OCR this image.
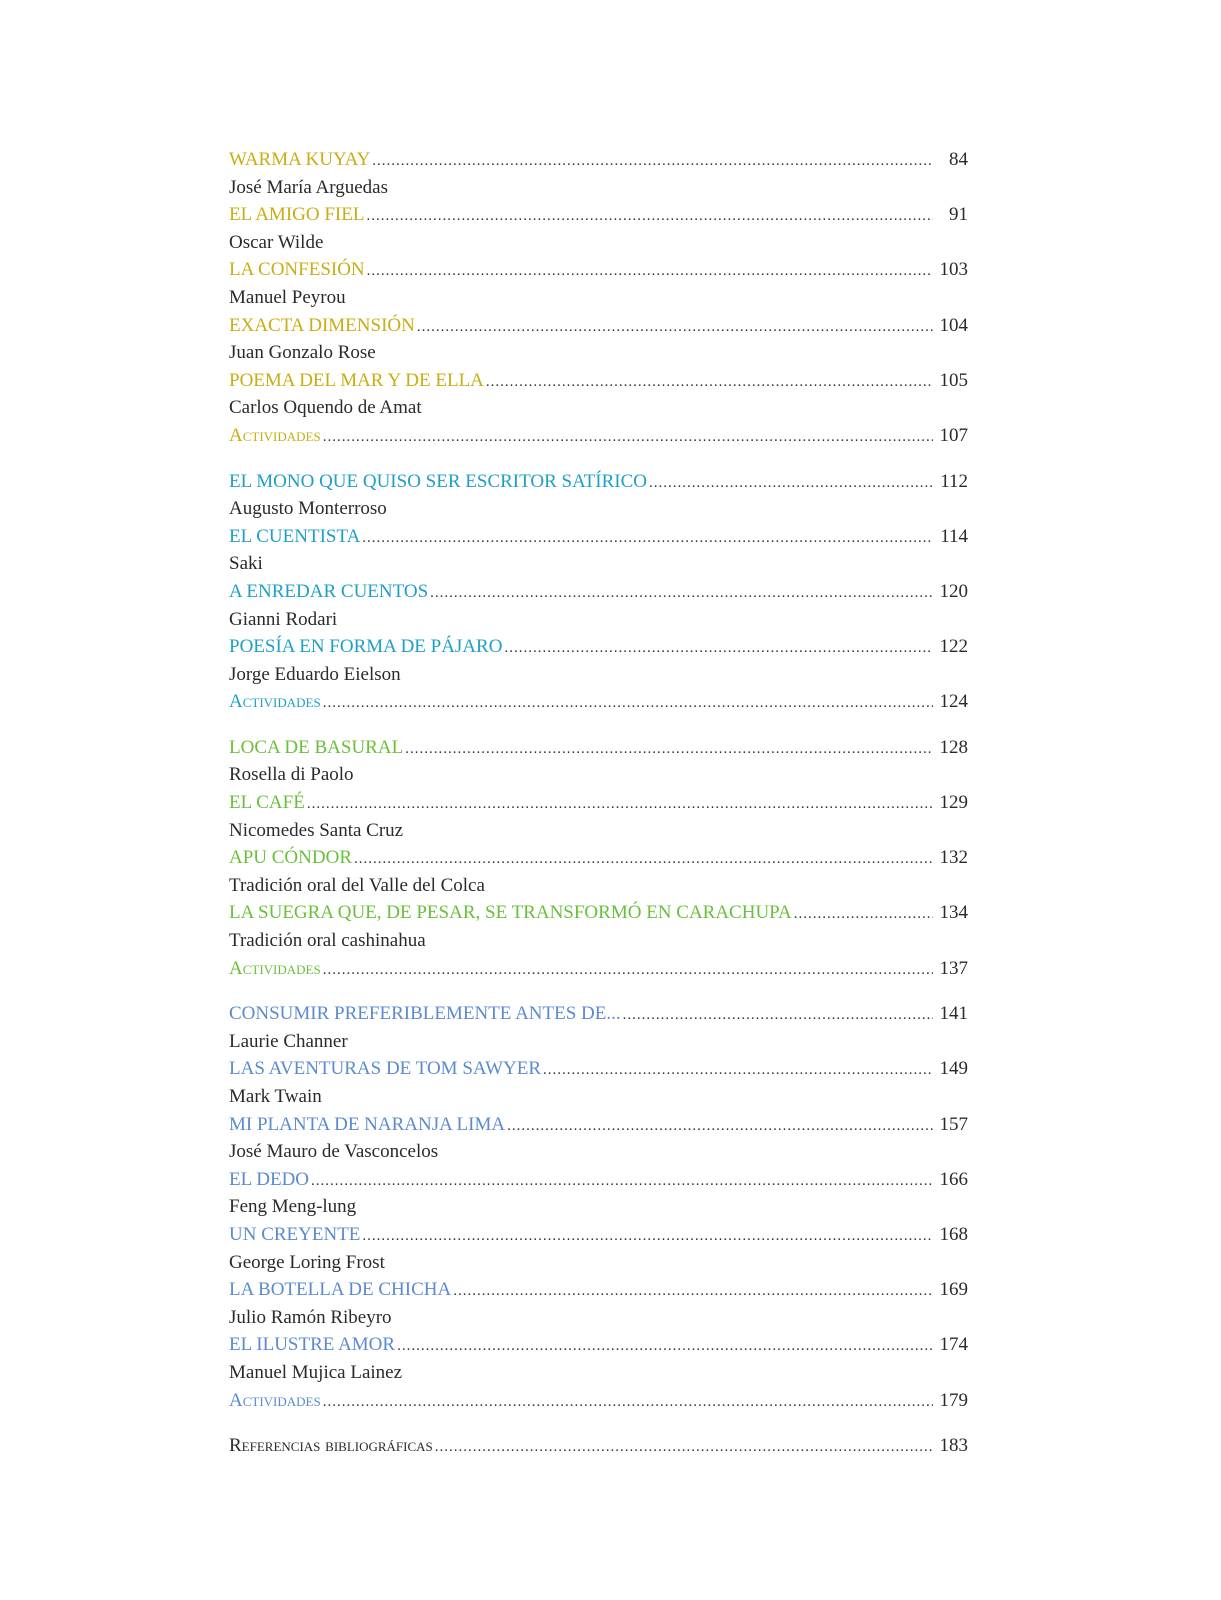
WARMA KUYAY .....	84
José María Arguedas
EL AMIGO FIEL .....	91
Oscar Wilde
LA CONFESIÓN .....	103
Manuel Peyrou
EXACTA DIMENSIÓN .....	104
Juan Gonzalo Rose
POEMA DEL MAR Y DE ELLA .....	105
Carlos Oquendo de Amat
Actividades .....	107
EL MONO QUE QUISO SER ESCRITOR SATÍRICO .....	112
Augusto Monterroso
EL CUENTISTA .....	114
Saki
A ENREDAR CUENTOS .....	120
Gianni Rodari
POESÍA EN FORMA DE PÁJARO .....	122
Jorge Eduardo Eielson
Actividades .....	124
LOCA DE BASURAL .....	128
Rosella di Paolo
EL CAFÉ .....	129
Nicomedes Santa Cruz
APU CÓNDOR .....	132
Tradición oral del Valle del Colca
LA SUEGRA QUE, DE PESAR, SE TRANSFORMÓ EN CARACHUPA .....	134
Tradición oral cashinahua
Actividades .....	137
CONSUMIR PREFERIBLEMENTE ANTES DE... .....	141
Laurie Channer
LAS AVENTURAS DE TOM SAWYER .....	149
Mark Twain
MI PLANTA DE NARANJA LIMA .....	157
José Mauro de Vasconcelos
EL DEDO .....	166
Feng Meng-lung
UN CREYENTE .....	168
George Loring Frost
LA BOTELLA DE CHICHA .....	169
Julio Ramón Ribeyro
EL ILUSTRE AMOR .....	174
Manuel Mujica Lainez
Actividades .....	179
Referencias bibliográficas .....	183
